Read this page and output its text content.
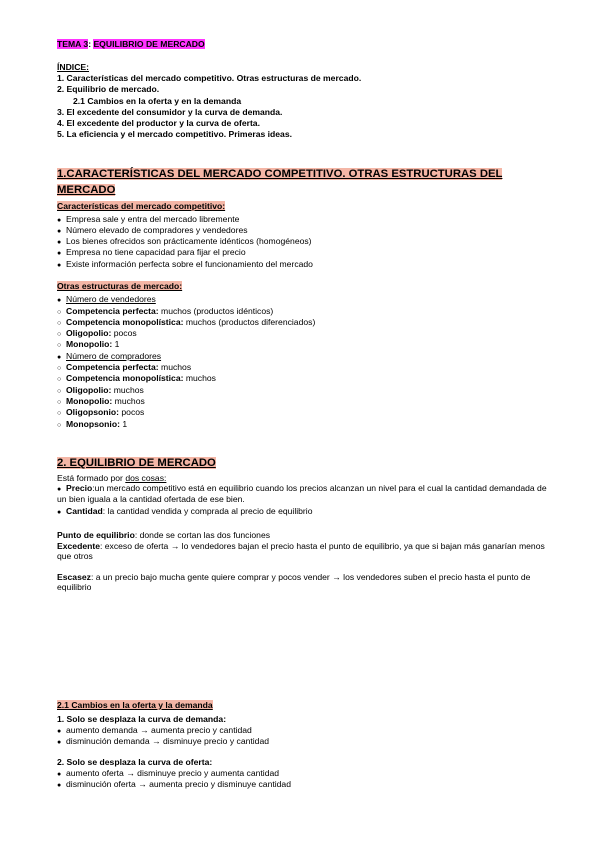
TEMA 3: EQUILIBRIO DE MERCADO
ÍNDICE:
1. Características del mercado competitivo. Otras estructuras de mercado.
2. Equilibrio de mercado.
2.1 Cambios en la oferta y en la demanda
3. El excedente del consumidor y la curva de demanda.
4. El excedente del productor y la curva de oferta.
5. La eficiencia y el mercado competitivo. Primeras ideas.
1.CARACTERÍSTICAS DEL MERCADO COMPETITIVO. OTRAS ESTRUCTURAS DEL MERCADO
Características del mercado competitivo:
● Empresa sale y entra del mercado libremente
● Número elevado de compradores y vendedores
● Los bienes ofrecidos son prácticamente idénticos (homogéneos)
● Empresa no tiene capacidad para fijar el precio
● Existe información perfecta sobre el funcionamiento del mercado
Otras estructuras de mercado:
● Número de vendedores
○ Competencia perfecta: muchos (productos idénticos)
○ Competencia monopolística: muchos (productos diferenciados)
○ Oligopolio: pocos
○ Monopolio: 1
● Número de compradores
○ Competencia perfecta: muchos
○ Competencia monopolística: muchos
○ Oligopolio: muchos
○ Monopolio: muchos
○ Oligopsonio: pocos
○ Monopsonio: 1
2. EQUILIBRIO DE MERCADO
Está formado por dos cosas:
● Precio:un mercado competitivo está en equilibrio cuando los precios alcanzan un nivel para el cual la cantidad demandada de un bien iguala a la cantidad ofertada de ese bien.
● Cantidad: la cantidad vendida y comprada al precio de equilibrio
Punto de equilibrio: donde se cortan las dos funciones
Excedente: exceso de oferta → lo vendedores bajan el precio hasta el punto de equilibrio, ya que si bajan más ganarían menos que otros
Escasez: a un precio bajo mucha gente quiere comprar y pocos vender → los vendedores suben el precio hasta el punto de equilibrio
2.1 Cambios en la oferta y la demanda
1. Solo se desplaza la curva de demanda:
● aumento demanda → aumenta precio y cantidad
● disminución demanda → disminuye precio y cantidad
2. Solo se desplaza la curva de oferta:
● aumento oferta → disminuye precio y aumenta cantidad
● disminución oferta → aumenta precio y disminuye cantidad
